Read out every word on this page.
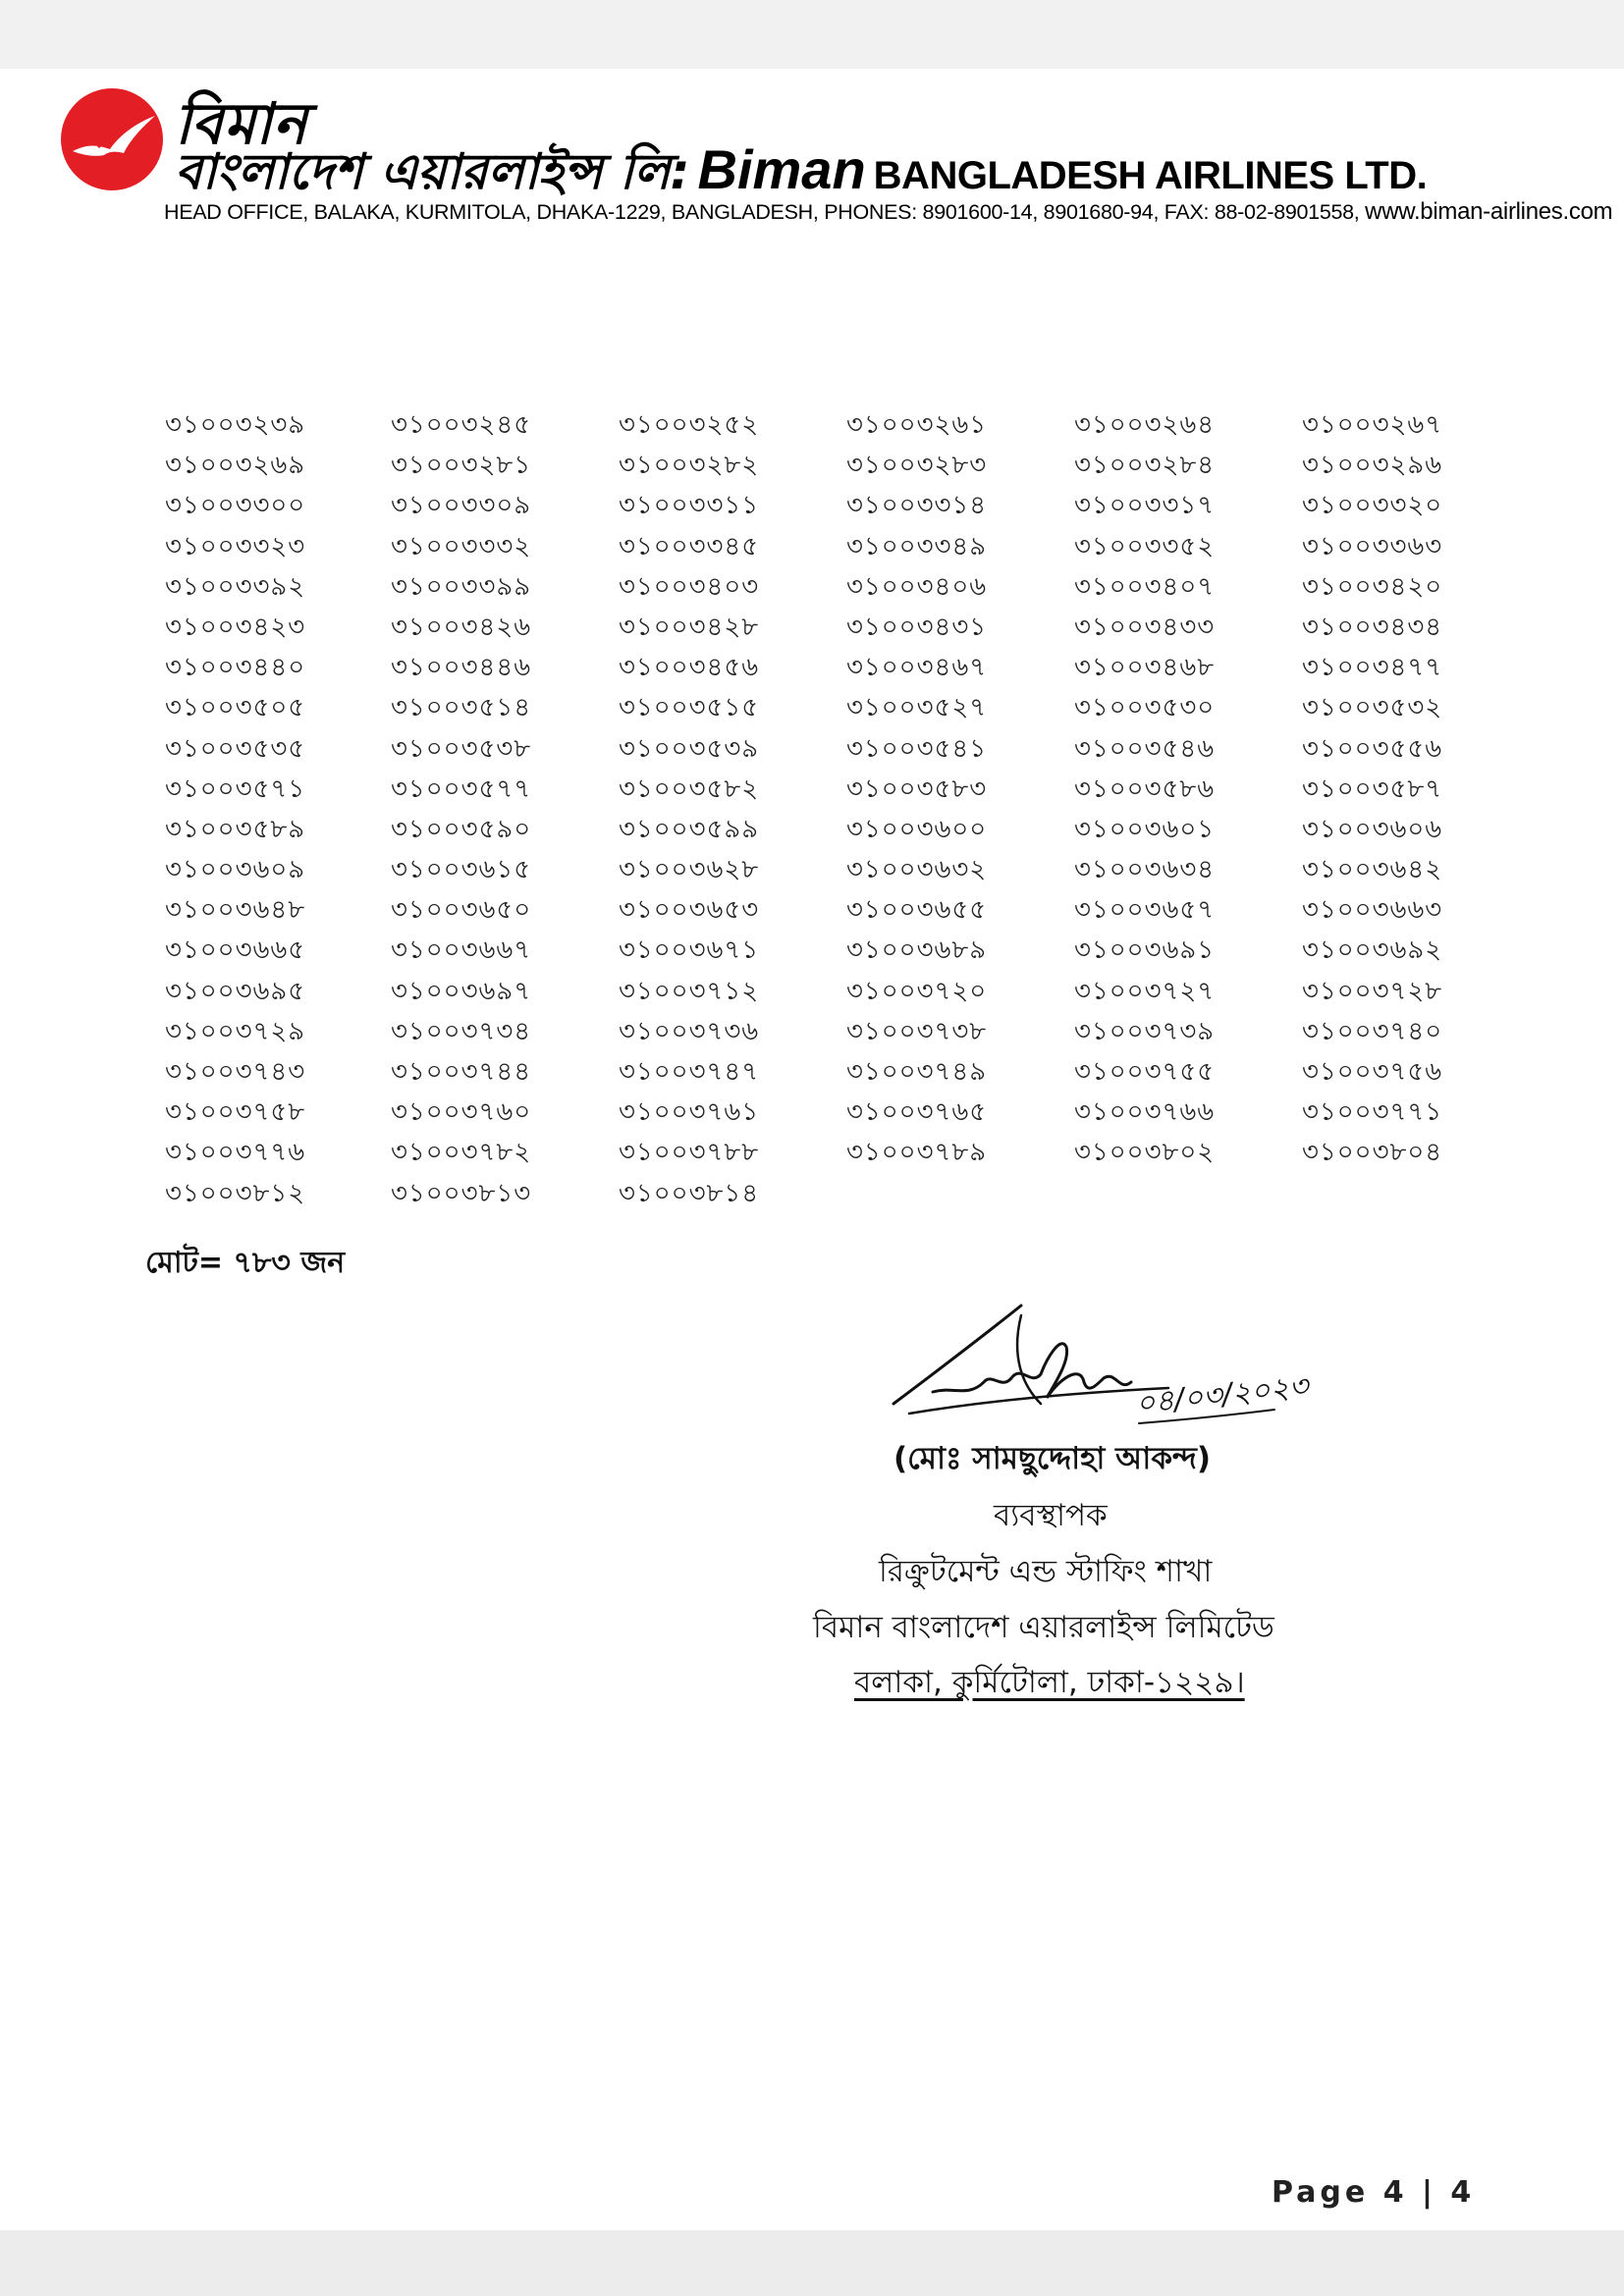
বিমান
বাংলাদেশ এয়ারলাইন্স লি: Biman BANGLADESH AIRLINES LTD.
HEAD OFFICE, BALAKA, KURMITOLA, DHAKA-1229, BANGLADESH, PHONES: 8901600-14, 8901680-94, FAX: 88-02-8901558, www.biman-airlines.com
৩১০০৩২৩৯	৩১০০৩২৪৫	৩১০০৩২৫২	৩১০০৩২৬১	৩১০০৩২৬৪	৩১০০৩২৬৭
৩১০০৩২৬৯	৩১০০৩২৮১	৩১০০৩২৮২	৩১০০৩২৮৩	৩১০০৩২৮৪	৩১০০৩২৯৬
৩১০০৩৩০০	৩১০০৩৩০৯	৩১০০৩৩১১	৩১০০৩৩১৪	৩১০০৩৩১৭	৩১০০৩৩২০
৩১০০৩৩২৩	৩১০০৩৩৩২	৩১০০৩৩৪৫	৩১০০৩৩৪৯	৩১০০৩৩৫২	৩১০০৩৩৬৩
৩১০০৩৩৯২	৩১০০৩৩৯৯	৩১০০৩৪০৩	৩১০০৩৪০৬	৩১০০৩৪০৭	৩১০০৩৪২০
৩১০০৩৪২৩	৩১০০৩৪২৬	৩১০০৩৪২৮	৩১০০৩৪৩১	৩১০০৩৪৩৩	৩১০০৩৪৩৪
৩১০০৩৪৪০	৩১০০৩৪৪৬	৩১০০৩৪৫৬	৩১০০৩৪৬৭	৩১০০৩৪৬৮	৩১০০৩৪৭৭
৩১০০৩৫০৫	৩১০০৩৫১৪	৩১০০৩৫১৫	৩১০০৩৫২৭	৩১০০৩৫৩০	৩১০০৩৫৩২
৩১০০৩৫৩৫	৩১০০৩৫৩৮	৩১০০৩৫৩৯	৩১০০৩৫৪১	৩১০০৩৫৪৬	৩১০০৩৫৫৬
৩১০০৩৫৭১	৩১০০৩৫৭৭	৩১০০৩৫৮২	৩১০০৩৫৮৩	৩১০০৩৫৮৬	৩১০০৩৫৮৭
৩১০০৩৫৮৯	৩১০০৩৫৯০	৩১০০৩৫৯৯	৩১০০৩৬০০	৩১০০৩৬০১	৩১০০৩৬০৬
৩১০০৩৬০৯	৩১০০৩৬১৫	৩১০০৩৬২৮	৩১০০৩৬৩২	৩১০০৩৬৩৪	৩১০০৩৬৪২
৩১০০৩৬৪৮	৩১০০৩৬৫০	৩১০০৩৬৫৩	৩১০০৩৬৫৫	৩১০০৩৬৫৭	৩১০০৩৬৬৩
৩১০০৩৬৬৫	৩১০০৩৬৬৭	৩১০০৩৬৭১	৩১০০৩৬৮৯	৩১০০৩৬৯১	৩১০০৩৬৯২
৩১০০৩৬৯৫	৩১০০৩৬৯৭	৩১০০৩৭১২	৩১০০৩৭২০	৩১০০৩৭২৭	৩১০০৩৭২৮
৩১০০৩৭২৯	৩১০০৩৭৩৪	৩১০০৩৭৩৬	৩১০০৩৭৩৮	৩১০০৩৭৩৯	৩১০০৩৭৪০
৩১০০৩৭৪৩	৩১০০৩৭৪৪	৩১০০৩৭৪৭	৩১০০৩৭৪৯	৩১০০৩৭৫৫	৩১০০৩৭৫৬
৩১০০৩৭৫৮	৩১০০৩৭৬০	৩১০০৩৭৬১	৩১০০৩৭৬৫	৩১০০৩৭৬৬	৩১০০৩৭৭১
৩১০০৩৭৭৬	৩১০০৩৭৮২	৩১০০৩৭৮৮	৩১০০৩৭৮৯	৩১০০৩৮০২	৩১০০৩৮০৪
৩১০০৩৮১২	৩১০০৩৮১৩	৩১০০৩৮১৪
মোট= ৭৮৩ জন
০৪/০৩/২০২৩
(মোঃ সামছুদ্দোহা আকন্দ)
ব্যবস্থাপক
রিক্রুটমেন্ট এন্ড স্টাফিং শাখা
বিমান বাংলাদেশ এয়ারলাইন্স লিমিটেড
বলাকা, কুর্মিটোলা, ঢাকা-১২২৯।
Page 4 | 4
